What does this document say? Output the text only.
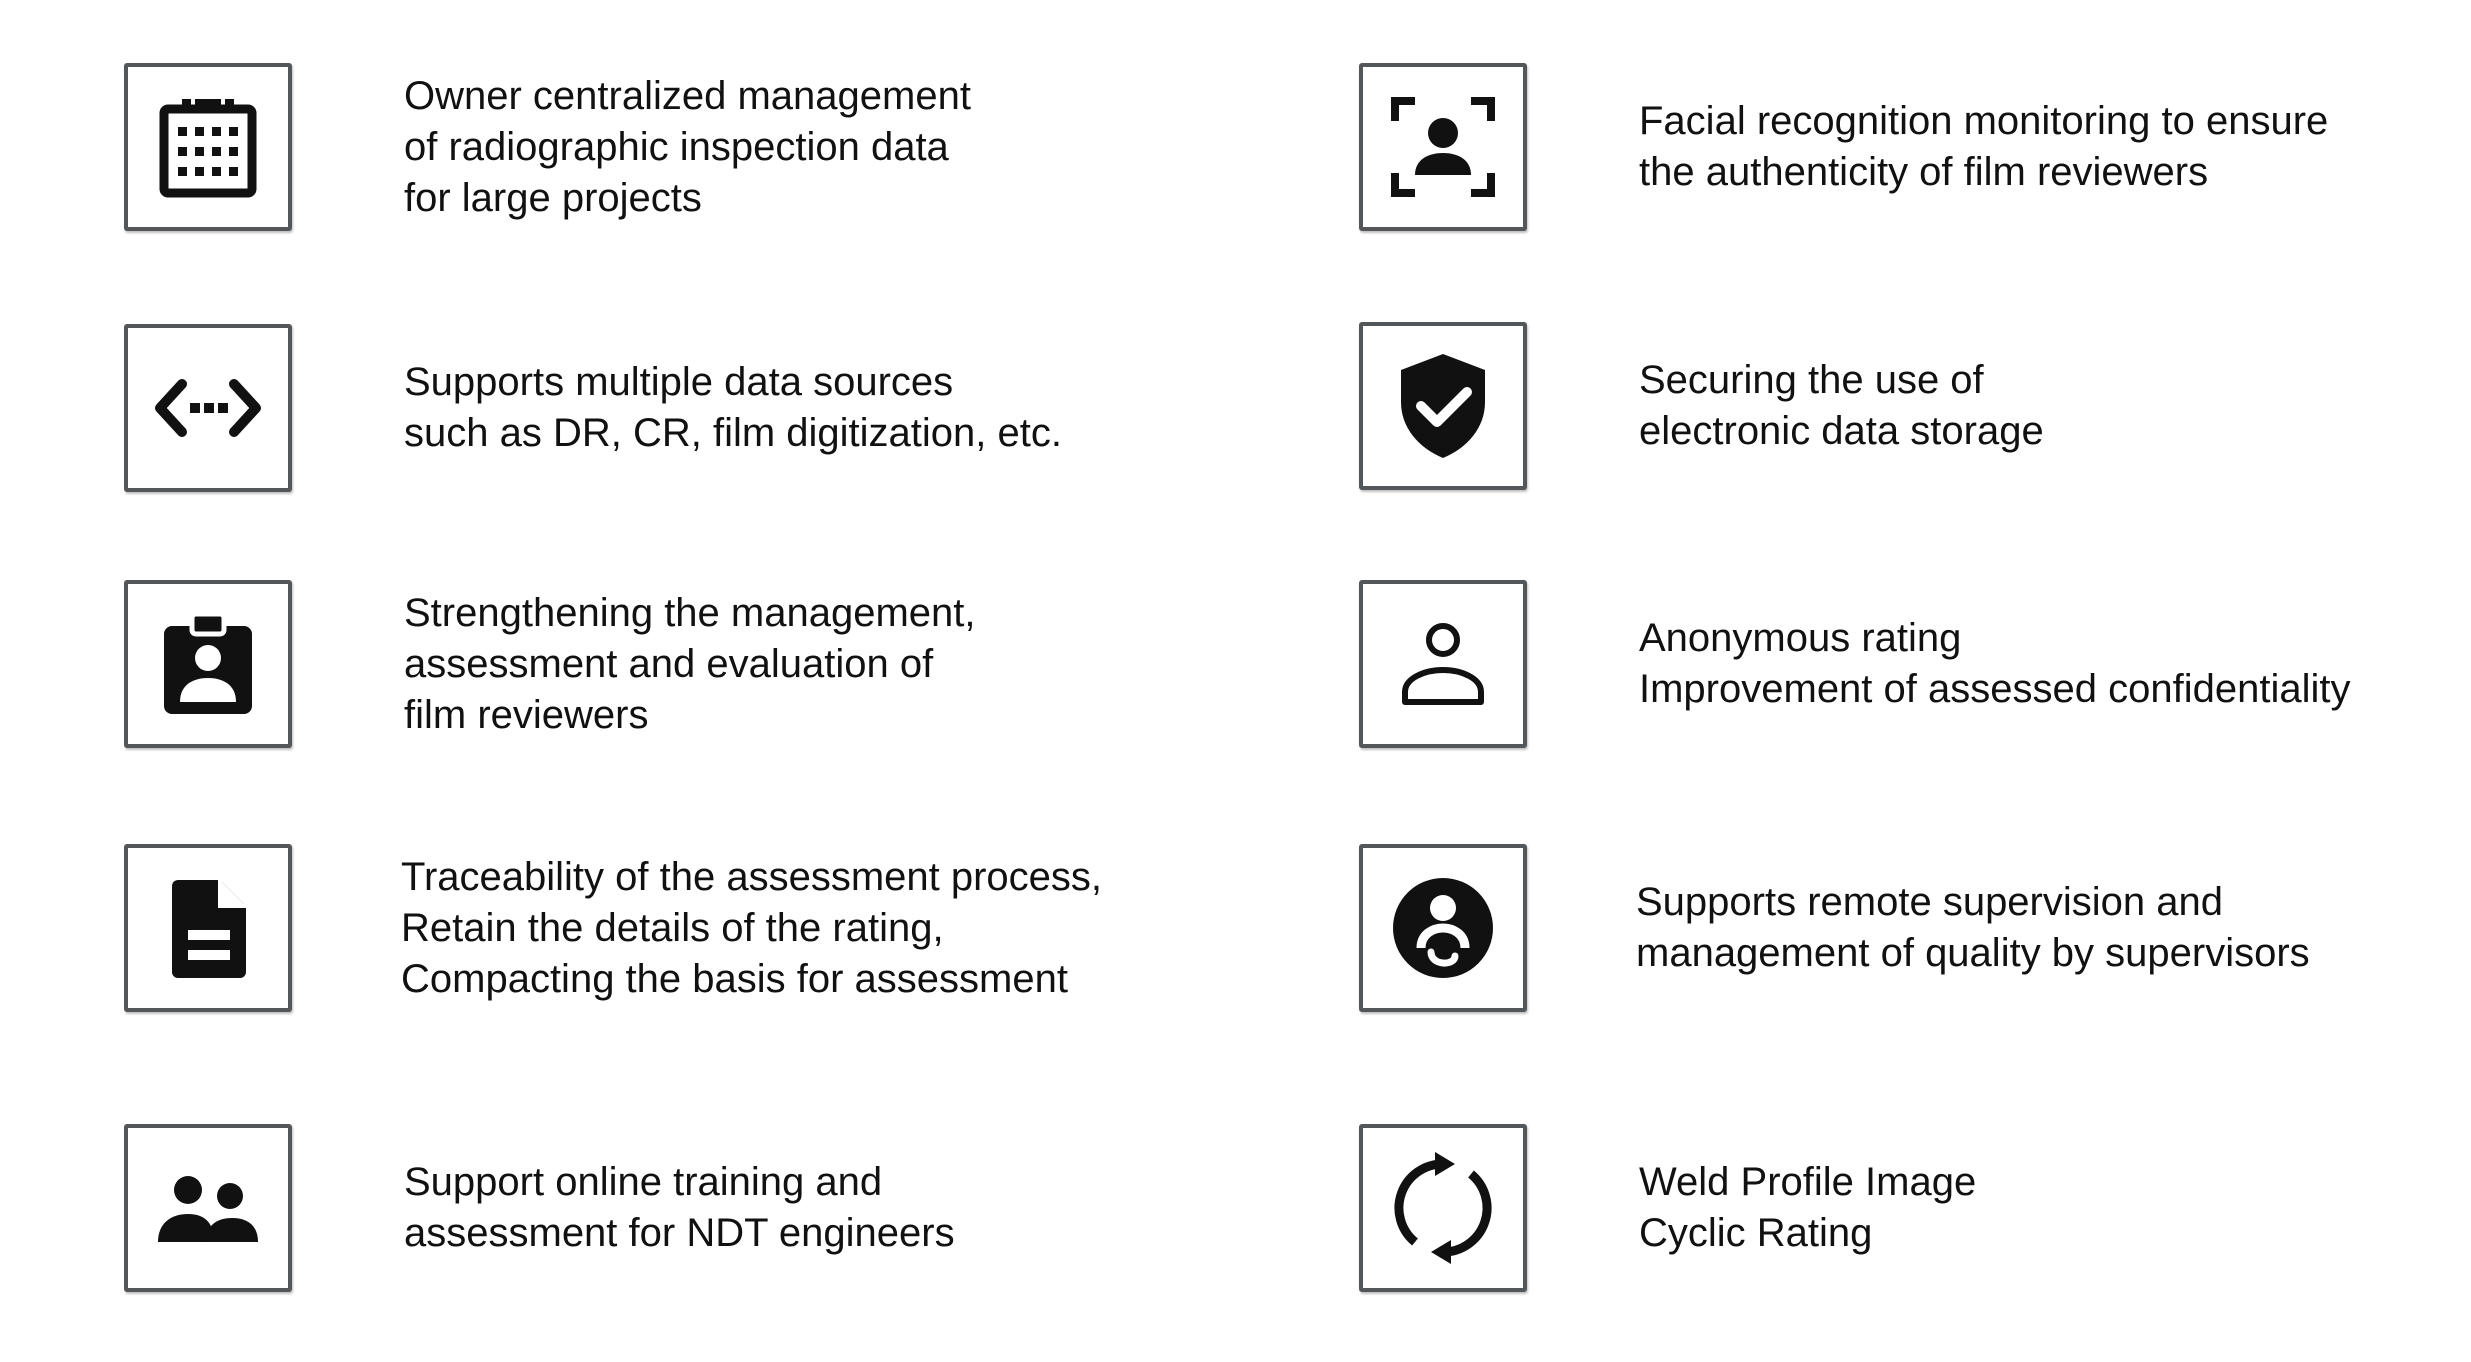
Owner centralized management
of radiographic inspection data
for large projects
Supports multiple data sources
such as DR, CR, film digitization, etc.
Strengthening the management,
assessment and evaluation of
film reviewers
Traceability of the assessment process,
Retain the details of the rating,
Compacting the basis for assessment
Support online training and
assessment for NDT engineers
Facial recognition monitoring to ensure
the authenticity of film reviewers
Securing the use of
electronic data storage
Anonymous rating
Improvement of assessed confidentiality
Supports remote supervision and
management of quality by supervisors
Weld Profile Image
Cyclic Rating
